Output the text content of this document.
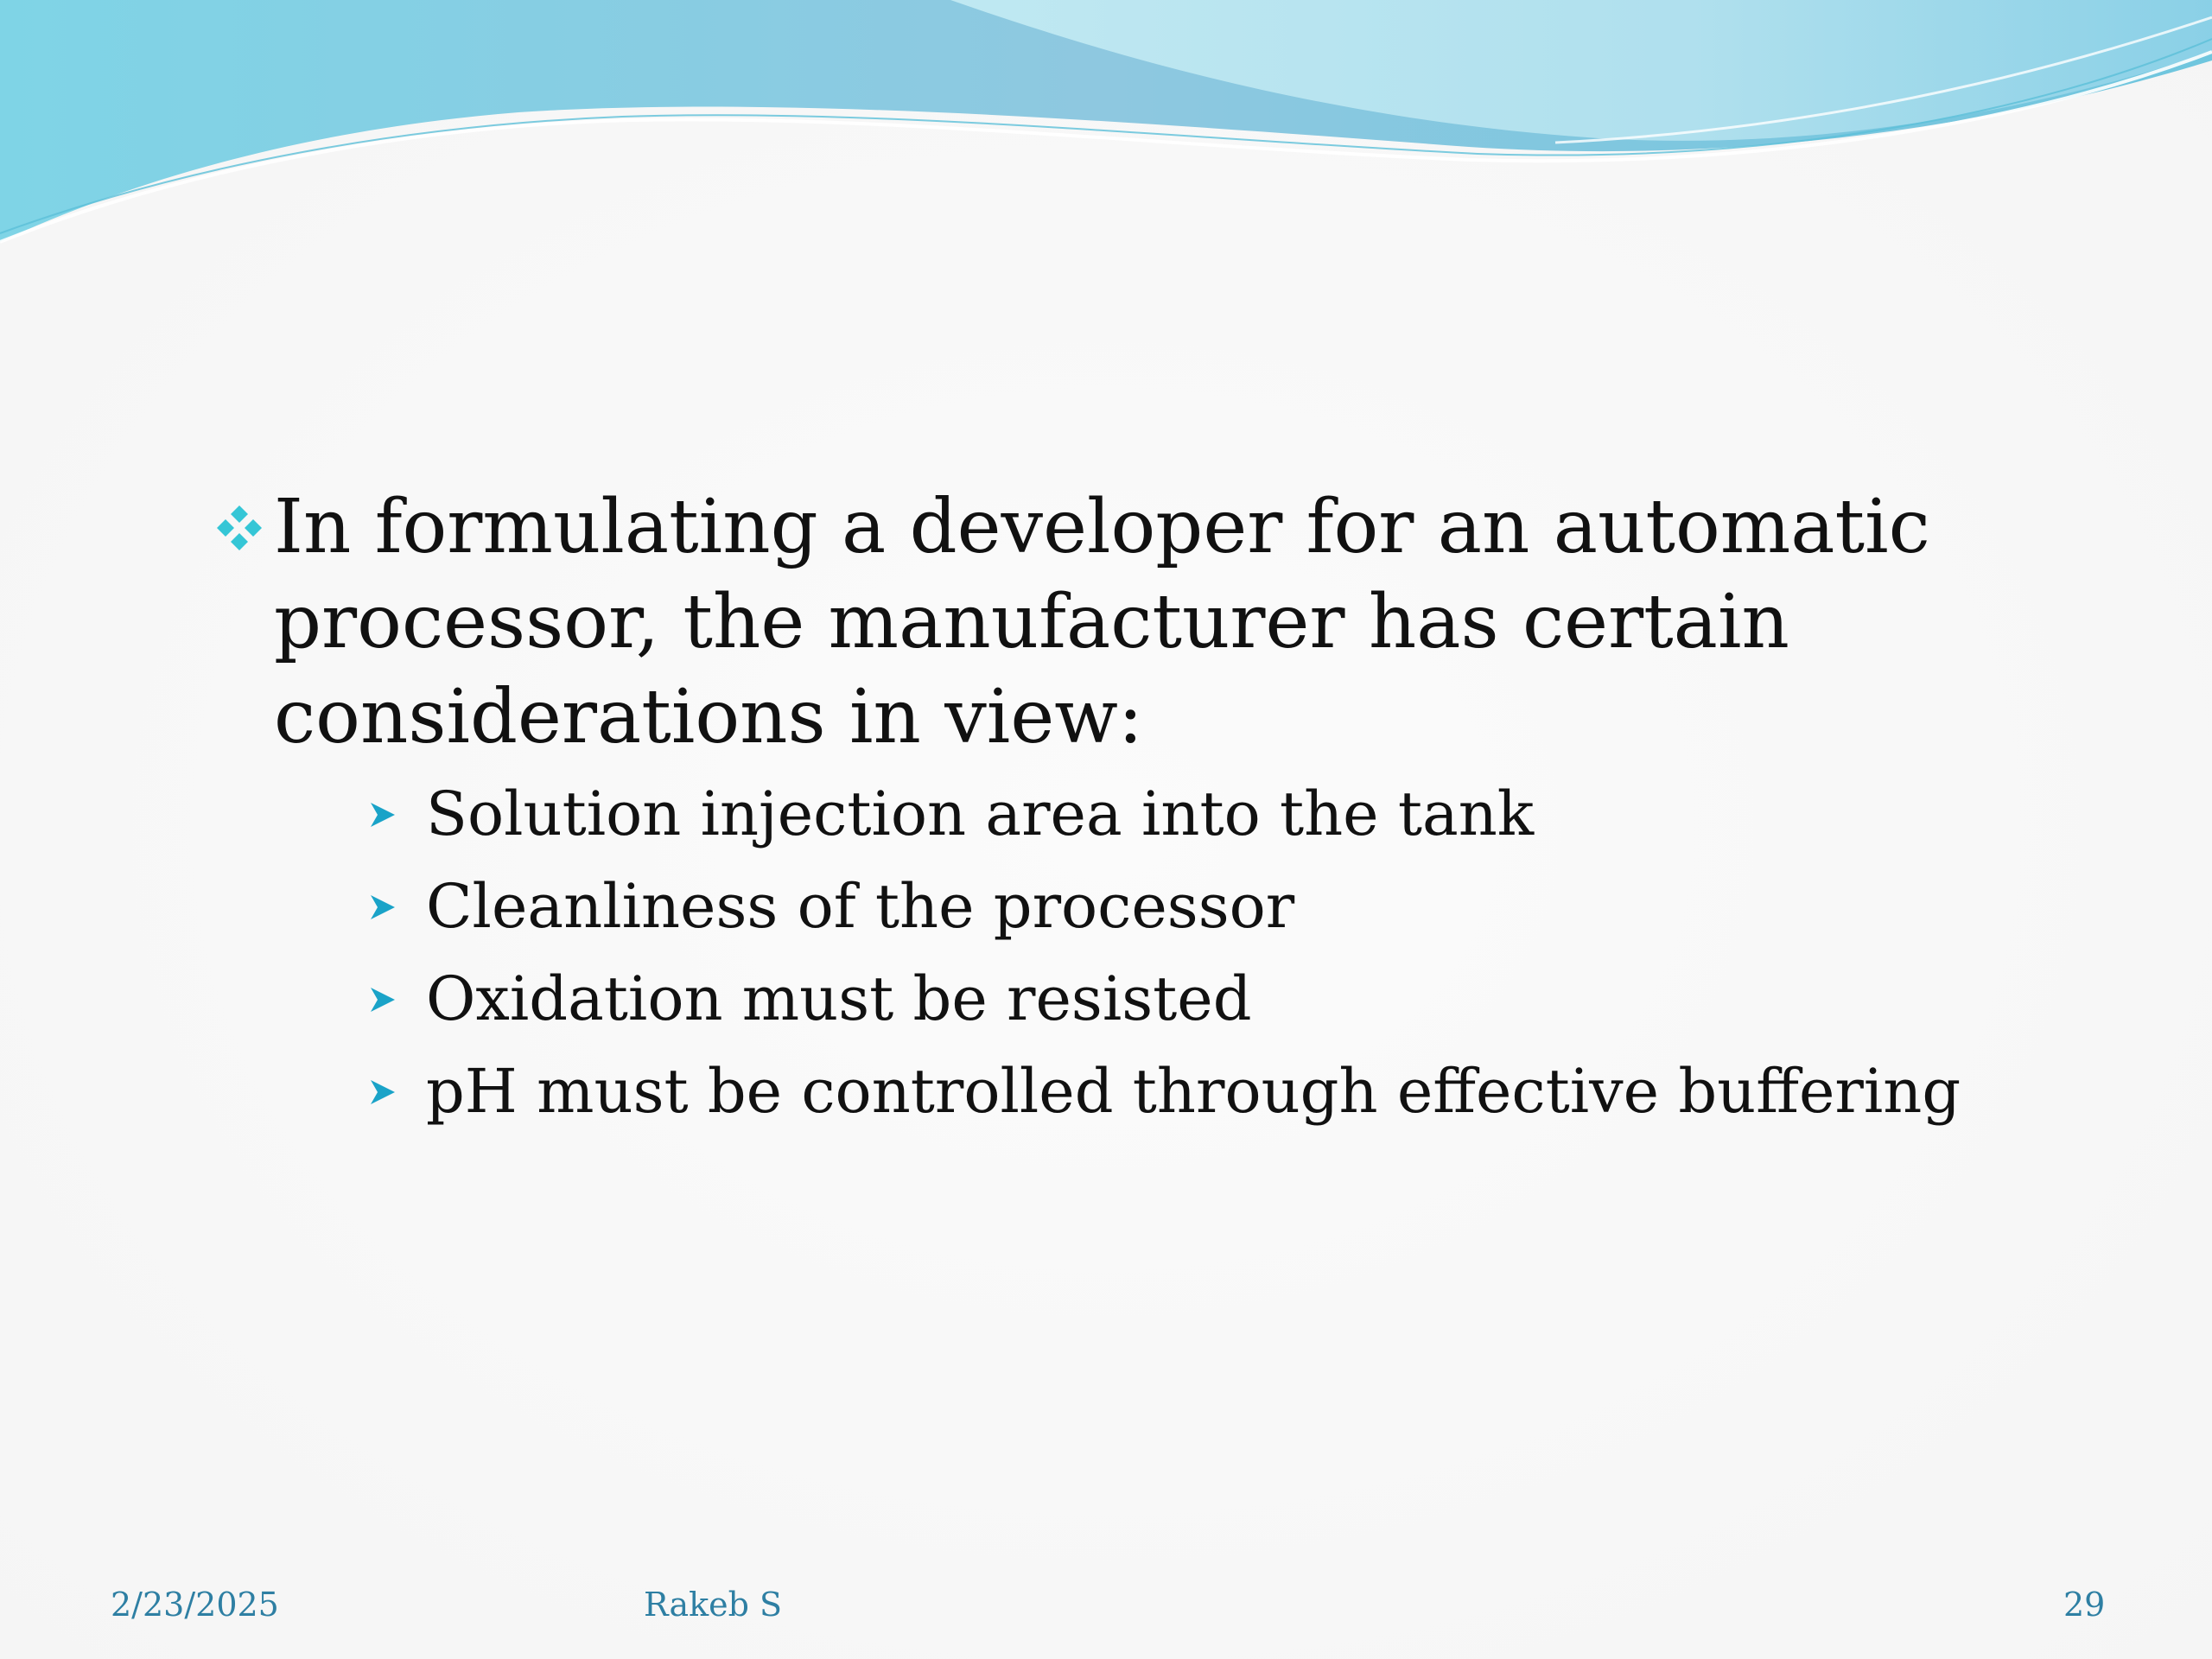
In formulating a developer for an automatic processor, the manufacturer has certain considerations in view:
Solution injection area into the tank
Cleanliness of the processor
Oxidation must be resisted
pH must be controlled through effective buffering
2/23/2025	Rakeb S	29
